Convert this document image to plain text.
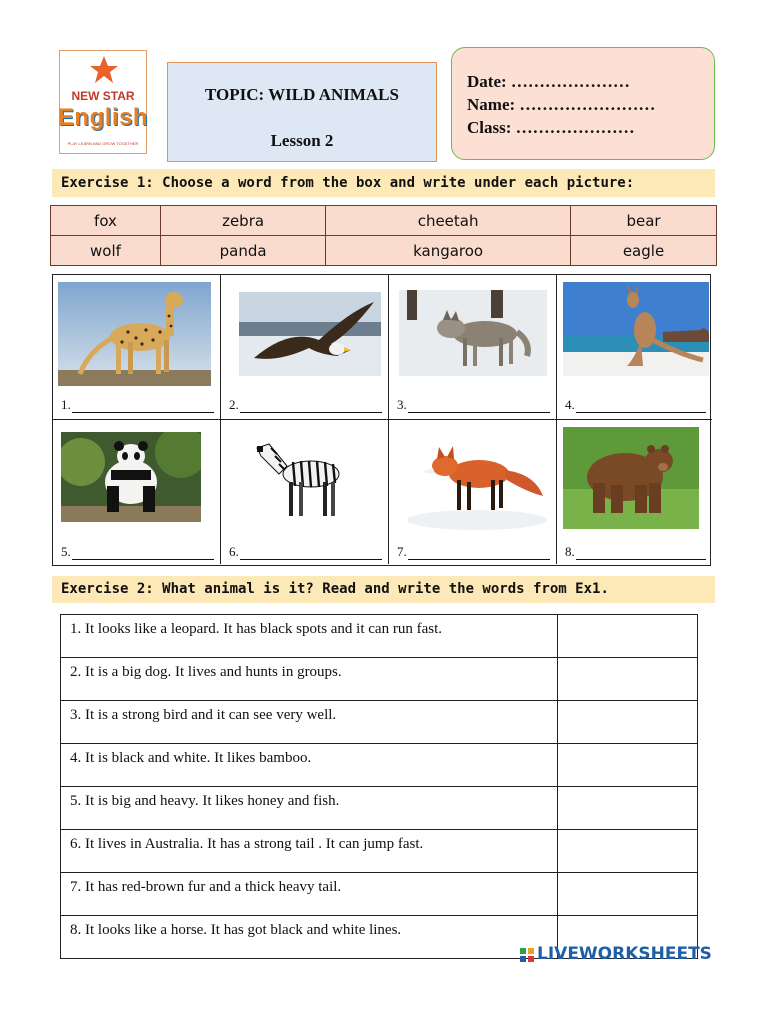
NEW STAR
English
PLAY LEARN AND GROW TOGETHER
TOPIC: WILD ANIMALS
Lesson 2
Date: …………………
Name: ……………………
Class: …………………
Exercise 1: Choose a word from the box and write under each picture:
fox	zebra	cheetah	bear
wolf	panda	kangaroo	eagle
1.	2.	3.	4.
5.	6.	7.	8.
Exercise 2: What animal is it? Read and write the words from Ex1.
1. It looks like a leopard. It has black spots and it can run fast.	
2. It is a big dog. It lives and hunts in groups.	
3. It is a strong bird and it can see very well.	
4. It is black and white. It likes bamboo.	
5. It is big and heavy. It likes honey and fish.	
6. It lives in Australia. It has a strong tail . It can jump fast.	
7. It has red-brown fur and a thick heavy tail.	
8. It looks like a horse. It has got black and white lines.	
LIVEWORKSHEETS
